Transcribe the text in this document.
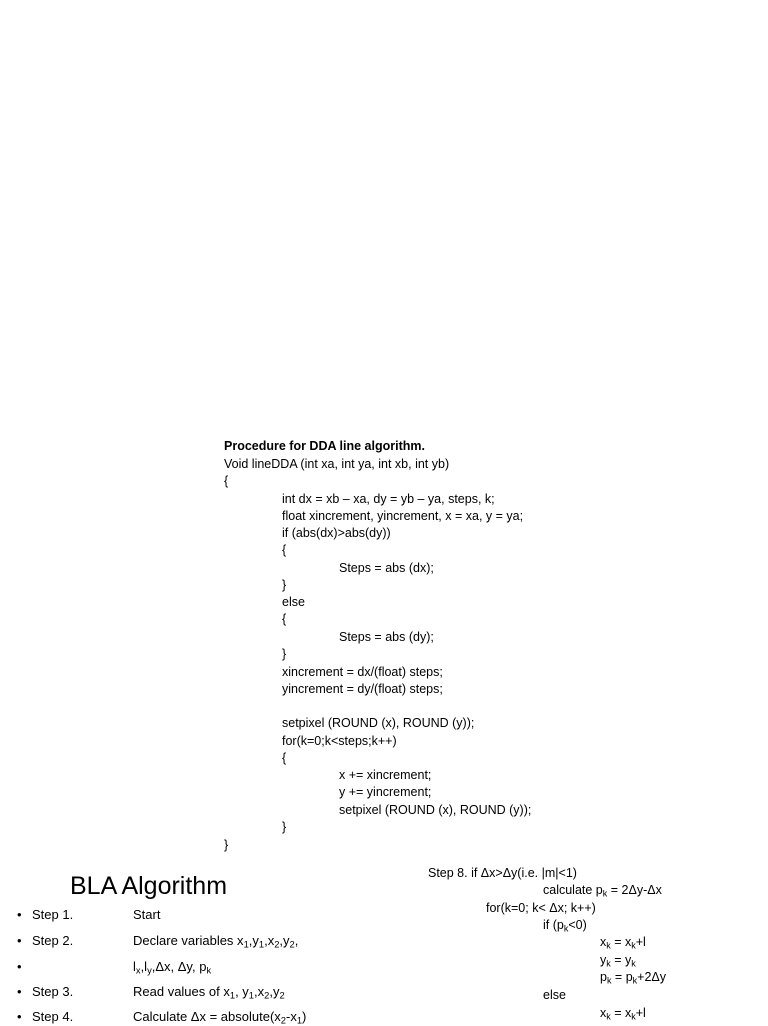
Procedure for DDA line algorithm.
Void lineDDA (int xa, int ya, int xb, int yb)
{
int dx = xb – xa, dy = yb – ya, steps, k;
float xincrement, yincrement, x = xa, y = ya;
if (abs(dx)>abs(dy))
{
Steps = abs (dx);
}
else
{
Steps = abs (dy);
}
xincrement = dx/(float) steps;
yincrement = dy/(float) steps;
setpixel (ROUND (x), ROUND (y));
for(k=0;k<steps;k++)
{
x += xincrement;
y += yincrement;
setpixel (ROUND (x), ROUND (y));
}
}
BLA Algorithm
Step 1.	Start
Step 2.	Declare variables $x_1,y_1,x_2,y_2$,
$l_x,l_y,\Delta x$, Δy, $p_k$
Step 3.	Read values of $x_1$, $y_1,x_2,y_2$
Step 4.	Calculate $\Delta x = absolute(x_2-x_1)$
Step 8. if Δx>Δy(i.e. |m|<1)
calculate $p_k = 2\Delta y-\Delta x$
for(k=0; k< Δx; k++)
if $(p_k<0)$
$x_k = x_k+l$
$y_k = y_k$
$p_k = p_k+2\Delta y$
else
$x_k = x_k+l$
